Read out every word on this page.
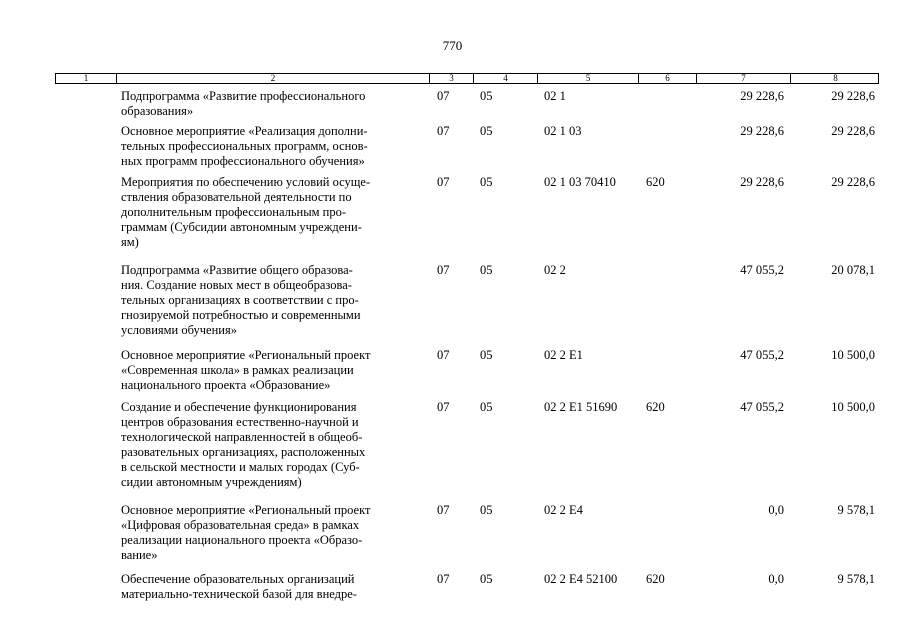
770
1	2	3	4	5	6	7	8
Подпрограмма «Развитие профессионального
образования»
07 05	02 1	29 228,6	29 228,6
Основное мероприятие «Реализация дополни-
тельных профессиональных программ, основ-
ных программ профессионального обучения»
07 05	02 1 03	29 228,6	29 228,6
Мероприятия по обеспечению условий осуще-
ствления образовательной деятельности по
дополнительным профессиональным про-
граммам (Субсидии автономным учреждени-
ям)
07 05	02 1 03 70410 620	29 228,6	29 228,6
Подпрограмма «Развитие общего образова-
ния. Создание новых мест в общеобразова-
тельных организациях в соответствии с про-
гнозируемой потребностью и современными
условиями обучения»
07 05	02 2	47 055,2	20 078,1
Основное мероприятие «Региональный проект
«Современная школа» в рамках реализации
национального проекта «Образование»
07 05	02 2 E1	47 055,2	10 500,0
Создание и обеспечение функционирования
центров образования естественно-научной и
технологической направленностей в общеоб-
разовательных организациях, расположенных
в сельской местности и малых городах (Суб-
сидии автономным учреждениям)
07 05	02 2 E1 51690 620	47 055,2	10 500,0
Основное мероприятие «Региональный проект
«Цифровая образовательная среда» в рамках
реализации национального проекта «Образо-
вание»
07 05	02 2 E4	0,0	9 578,1
Обеспечение образовательных организаций
материально-технической базой для внедре-
07 05	02 2 E4 52100 620	0,0	9 578,1
